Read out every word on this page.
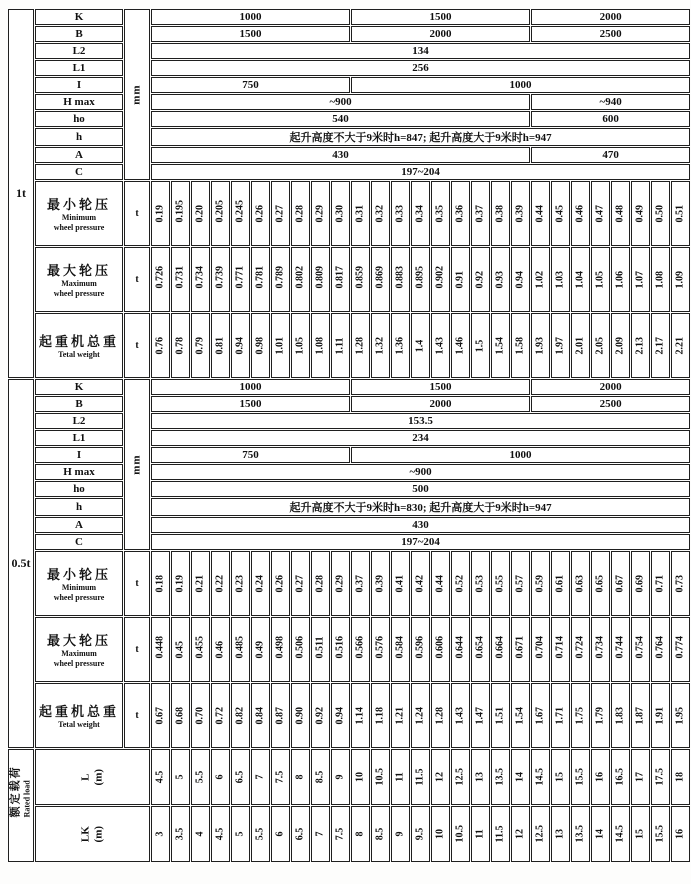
1t	K	mm	1000										1500									2000							
	B		1500										2000									2500							
	L2		134																										
	L1		256																										
	I		750										1000																
	H max		~900																			~940							
	ho		540																			600							
	h		起升高度不大于9米时h=847; 起升高度大于9米时h=947																										
	A		430																			470							
	C		197~204																										

	最小轮压
Minimum
wheel pressure	t	0.19	0.195	0.20	0.205	0.245	0.26	0.27	0.28	0.29	0.30	0.31	0.32	0.33	0.34	0.35	0.36	0.37	0.38	0.39	0.44	0.45	0.46	0.47	0.48	0.49	0.50	0.51

	最大轮压
Maximum
wheel pressure	t	0.726	0.731	0.734	0.739	0.771	0.781	0.789	0.802	0.809	0.817	0.859	0.869	0.883	0.895	0.902	0.91	0.92	0.93	0.94	1.02	1.03	1.04	1.05	1.06	1.07	1.08	1.09

	起重机总重
Tetal weight	t	0.76	0.78	0.79	0.81	0.94	0.98	1.01	1.05	1.08	1.11	1.28	1.32	1.36	1.4	1.43	1.46	1.5	1.54	1.58	1.93	1.97	2.01	2.05	2.09	2.13	2.17	2.21

0.5t	K	mm	1000										1500									2000							
	B		1500										2000									2500							
	L2		153.5																										
	L1		234																										
	I		750										1000																
	H max		~900																										
	ho		500																										
	h		起升高度不大于9米时h=830; 起升高度大于9米时h=947																										
	A		430																										
	C		197~204																										

	最小轮压
Minimum
wheel pressure	t	0.18	0.19	0.21	0.22	0.23	0.24	0.26	0.27	0.28	0.29	0.37	0.39	0.41	0.42	0.44	0.52	0.53	0.55	0.57	0.59	0.61	0.63	0.65	0.67	0.69	0.71	0.73

	最大轮压
Maximum
wheel pressure	t	0.448	0.45	0.455	0.46	0.485	0.49	0.498	0.506	0.511	0.516	0.566	0.576	0.584	0.596	0.606	0.644	0.654	0.664	0.671	0.704	0.714	0.724	0.734	0.744	0.754	0.764	0.774

	起重机总重
Tetal weight	t	0.67	0.68	0.70	0.72	0.82	0.84	0.87	0.90	0.92	0.94	1.14	1.18	1.21	1.24	1.28	1.43	1.47	1.51	1.54	1.67	1.71	1.75	1.79	1.83	1.87	1.91	1.95

额定载荷 Rated load

L (m)	4.5	5	5.5	6	6.5	7	7.5	8	8.5	9	10	10.5	11	11.5	12	12.5	13	13.5	14	14.5	15	15.5	16	16.5	17	17.5	18

	LK (m)		3	3.5	4	4.5	5	5.5	6	6.5	7	7.5	8	8.5	9	9.5	10	10.5	11	11.5	12	12.5	13	13.5	14	14.5	15	15.5	16
